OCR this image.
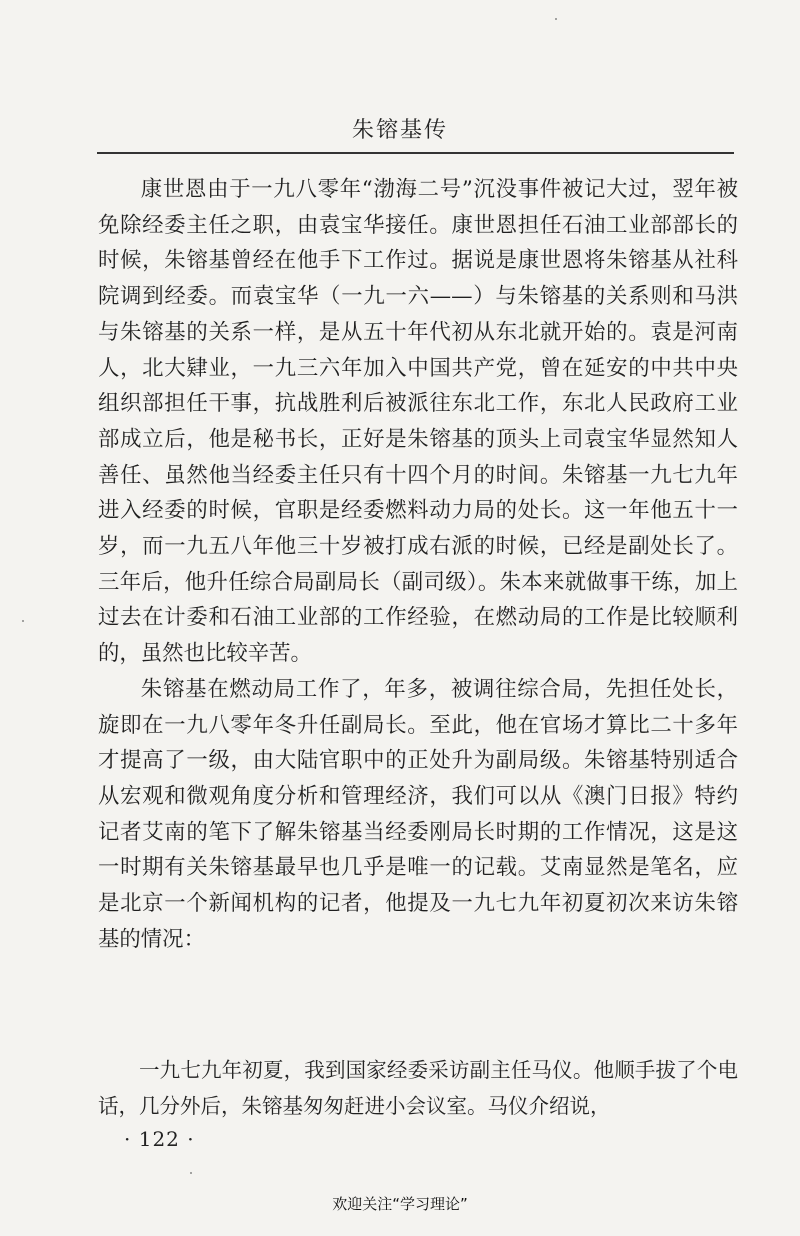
朱镕基传

康世恩由于一九八零年“渤海二号”沉没事件被记大过，翌年被免除经委主任之职，由袁宝华接任。康世恩担任石油工业部部长的时候，朱镕基曾经在他手下工作过。据说是康世恩将朱镕基从社科院调到经委。而袁宝华（一九一六——）与朱镕基的关系则和马洪与朱镕基的关系一样，是从五十年代初从东北就开始的。袁是河南人，北大肄业，一九三六年加入中国共产党，曾在延安的中共中央组织部担任干事，抗战胜利后被派往东北工作，东北人民政府工业部成立后，他是秘书长，正好是朱镕基的顶头上司袁宝华显然知人善任、虽然他当经委主任只有十四个月的时间。朱镕基一九七九年进入经委的时候，官职是经委燃料动力局的处长。这一年他五十一岁，而一九五八年他三十岁被打成右派的时候，已经是副处长了。三年后，他升任综合局副局长（副司级）。朱本来就做事干练，加上过去在计委和石油工业部的工作经验，在燃动局的工作是比较顺利的，虽然也比较辛苦。

朱镕基在燃动局工作了，年多，被调往综合局，先担任处长，旋即在一九八零年冬升任副局长。至此，他在官场才算比二十多年才提高了一级，由大陆官职中的正处升为副局级。朱镕基特别适合从宏观和微观角度分析和管理经济，我们可以从《澳门日报》特约记者艾南的笔下了解朱镕基当经委刚局长时期的工作情况，这是这一时期有关朱镕基最早也几乎是唯一的记载。艾南显然是笔名，应是北京一个新闻机构的记者，他提及一九七九年初夏初次来访朱镕基的情况：

一九七九年初夏，我到国家经委采访副主任马仪。他顺手拔了个电话，几分外后，朱镕基匆匆赶进小会议室。马仪介绍说，

· 122 ·
欢迎关注“学习理论”
